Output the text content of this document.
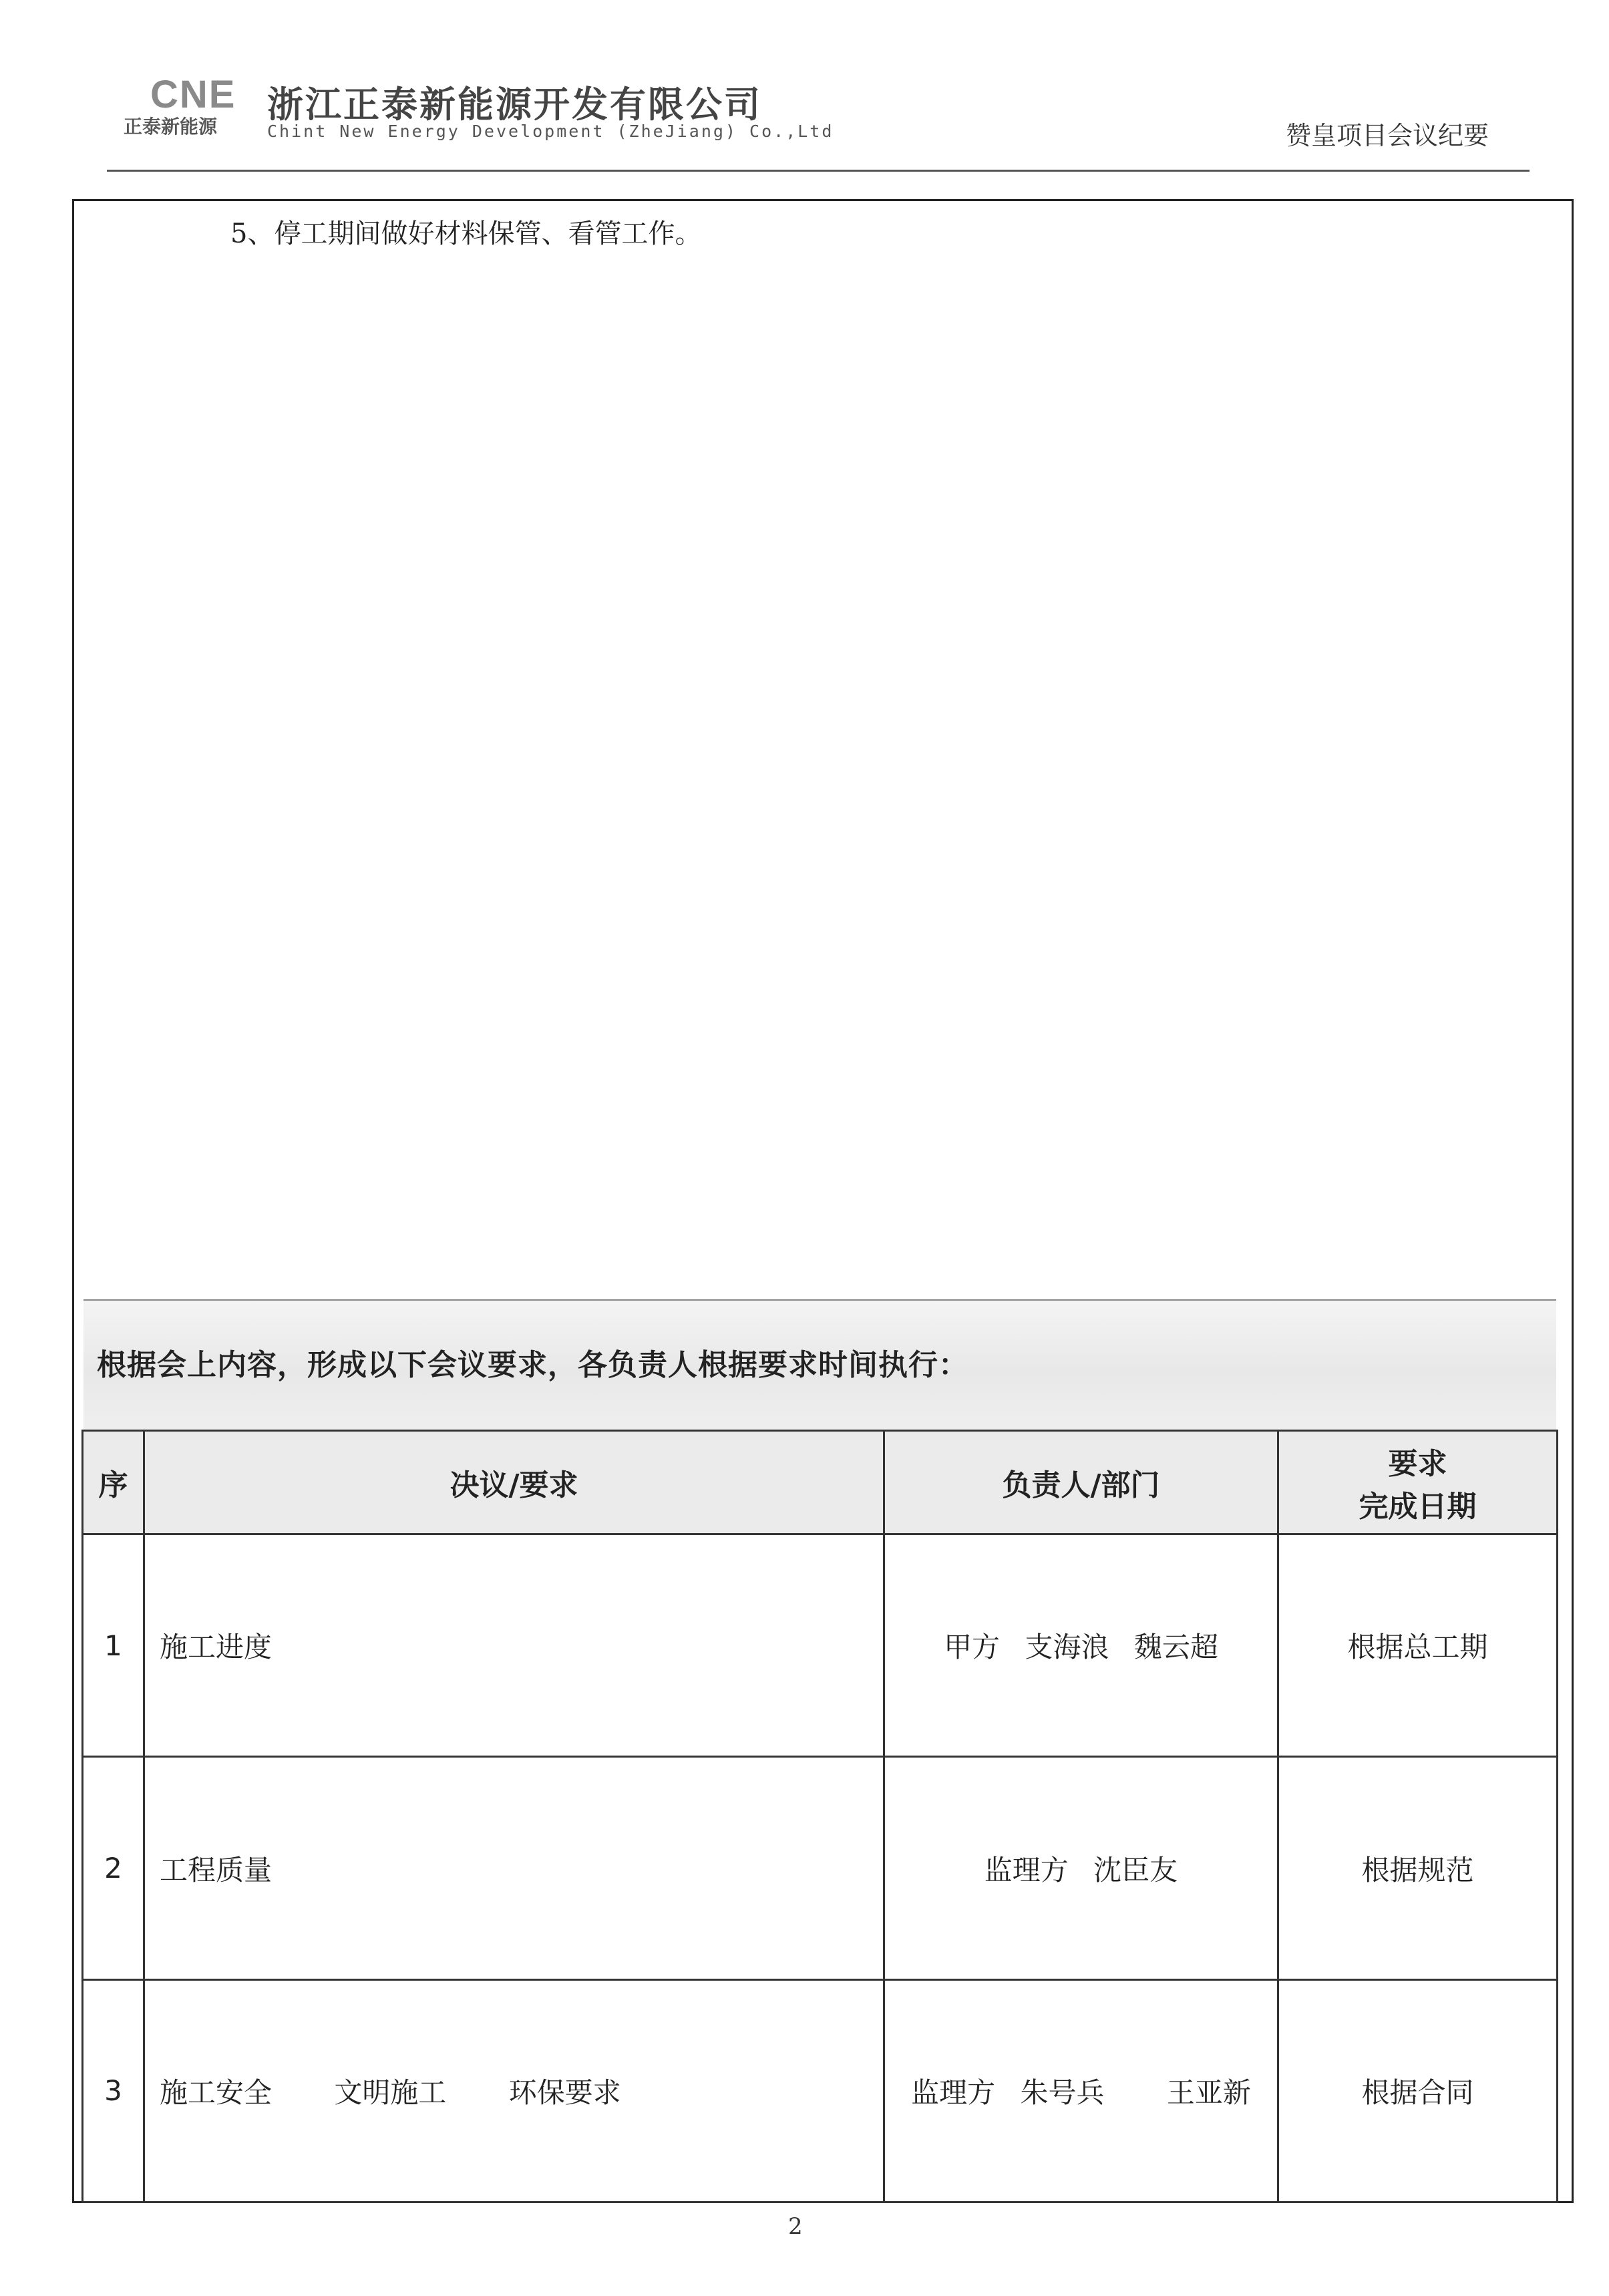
CNE
正泰新能源
浙江正泰新能源开发有限公司
Chint New Energy Development (ZheJiang) Co.,Ltd	赞皇项目会议纪要
5、停工期间做好材料保管、看管工作。
根据会上内容，形成以下会议要求，各负责人根据要求时间执行：
序	决议/要求	负责人/部门	要求
完成日期

1	施工进度	甲方 支海浪 魏云超	根据总工期
2	工程质量	监理方 沈臣友	根据规范
3	施工安全 文明施工 环保要求	监理方 朱号兵 王亚新	根据合同
2
